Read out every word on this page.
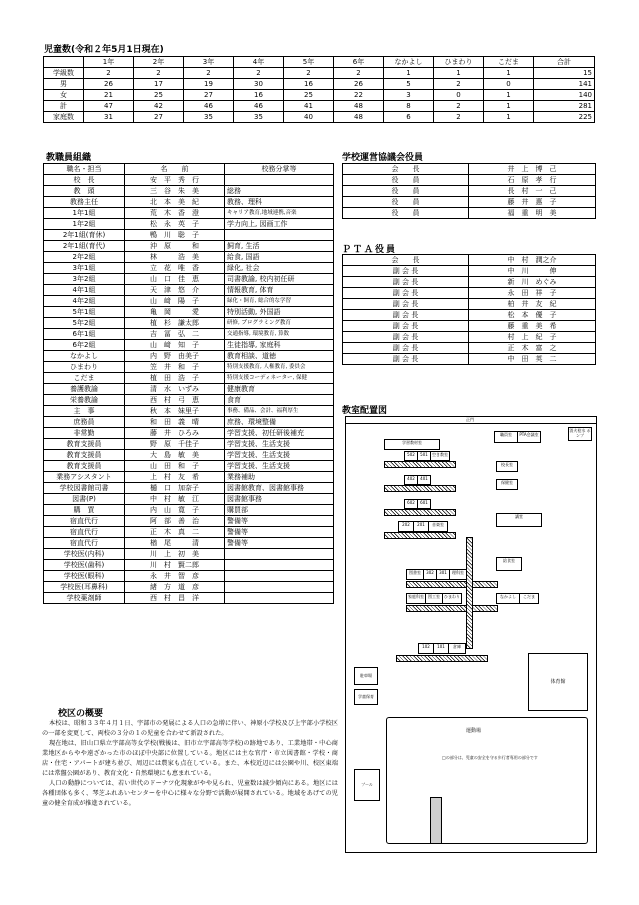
児童数(令和２年5月1日現在)
	1年	2年	3年	4年	5年	6年	なかよし	ひまわり	こだま	合計
学級数	2	2	2	2	2	2	1	1	1	15
男	26	17	19	30	16	26	5	2	0	141
女	21	25	27	16	25	22	3	0	1	140
計	47	42	46	46	41	48	8	2	1	281
家庭数	31	27	35	35	40	48	6	2	1	225
教職員組織
職名・担当	名　　前	校務分掌等
校　長	安　平　秀　行	
教　頭	三　谷　朱　美	総務
教務主任	北　本　美　紀	教務、理科
1年1組	荒　木　香　澄	キャリア教育,地域連携,音楽
1年2組	松　永　英　子	学力向上, 図画工作
2年1組(育休)	鴨　川　聡　子	
2年1組(育代)	沖　原　　　和	飼育, 生活
2年2組	林　　　浩　美	給食, 国語
3年1組	立　花　唯　香	緑化, 社会
3年2組	山　口　佳　恵	司書教諭, 校内初任研
4年1組	天　津　悠　介	情報教育, 体育
4年2組	山　﨑　陽　子	緑化・飼育, 総合的な学習
5年1組	亀　岡　　　愛	特別活動, 外国語
5年2組	植　杉　謙太郎	研修, プログラミング教育
6年1組	吉　冨　弘　二	交通指導, 環境教育, 算数
6年2組	山　﨑　知　子	生徒指導, 家庭科
なかよし	内　野　由美子	教育相談、道徳
ひまわり	笠　井　和　子	特別支援教育, 人権教育, 委員会
こだま	植　田　浩　子	特別支援コーディネーター, 保健
養護教諭	清　水　いずみ	健康教育
栄養教諭	西　村　弓　恵	食育
主　事	秋　本　妹里子	事務、備品、会計、福利厚生
庶務員	和　田　義　晴	庶務、環境整備
非常勤	藤　井　ひろみ	学習支援、初任研後補充
教育支援員	野　原　千佳子	学習支援、生活支援
教育支援員	大　島　敏　美	学習支援、生活支援
教育支援員	山　田　和　子	学習支援、生活支援
業務アシスタント	上　村　友　希	業務補助
学校図書館司書	樋　口　加奈子	図書館教育、図書館事務
図書(P)	中　村　敏　江	図書館事務
購　買	内　山　寛　子	購買部
宿直代行	阿　部　善　治	警備等
宿直代行	正　木　真　二	警備等
宿直代行	楢　尾　　　清	警備等
学校医(内科)	川　上　初　美	
学校医(歯科)	川　村　賢二郎	
学校医(眼科)	永　井　智　彦	
学校医(耳鼻科)	緒　方　道　彦	
学校薬剤師	西　村　昌　洋	
学校運営協議会役員
会　　長	井　上　博　己
役　　員	石　原　孝　行
役　　員	長　村　一　己
役　　員	藤　井　惠　子
役　　員	福　重　明　美
ＰＴＡ役員
会　　長	中　村　潤之介
副 会 長	中　川　　　伸
副 会 長	新　川　めぐみ
副 会 長	永　田　祥　子
副 会 長	柏　井　友　紀
副 会 長	松　本　優　子
副 会 長	藤　重　美　希
副 会 長	村　上　紀　子
副 会 長	正　木　富　之
副 会 長	中　田　英　二
教室配置図
正門
学習教材室
502	501	空き教室
402	401
602	601
202	201	音楽室
職員室	PTA会議室
校長室
保健室
消火栓水 ポンプ
講堂
図書室	302	301	理科室
給食室
家庭科室	図工室	ひまわり	なかよし	こだま
102	101	倉庫
体育館
駐車場
学童保育
運動場
プール
□の部分は、児童の安全を守る歩行者専用の部分です
校区の概要

本校は、昭和３３年４月１日、宇部市の発展による人口の急増に伴い、神原小学校及び上宇部小学校区の一部を変更して、両校の３分の１の児童を合わせて新設された。

現在地は、旧山口県立宇部高等女学校(戦後は、旧市立宇部高等学校)の跡地であり、工業地帯・中心商業地区からやや遠ざかった市のほぼ中央部に位置している。地区には主な官庁・市立図書館・学校・商店・住宅・アパートが建ち並び、周辺には農家も点在している。また、本校近辺には公園や川、校区東端には常盤公園があり、教育文化・自然環境にも恵まれている。

人口の動静については、若い世代のドーナツ化現象がやや見られ、児童数は減少傾向にある。地区には各種団体も多く、琴芝ふれあいセンターを中心に様々な分野で活動が展開されている。地域をあげての児童の健全育成が推進されている。
